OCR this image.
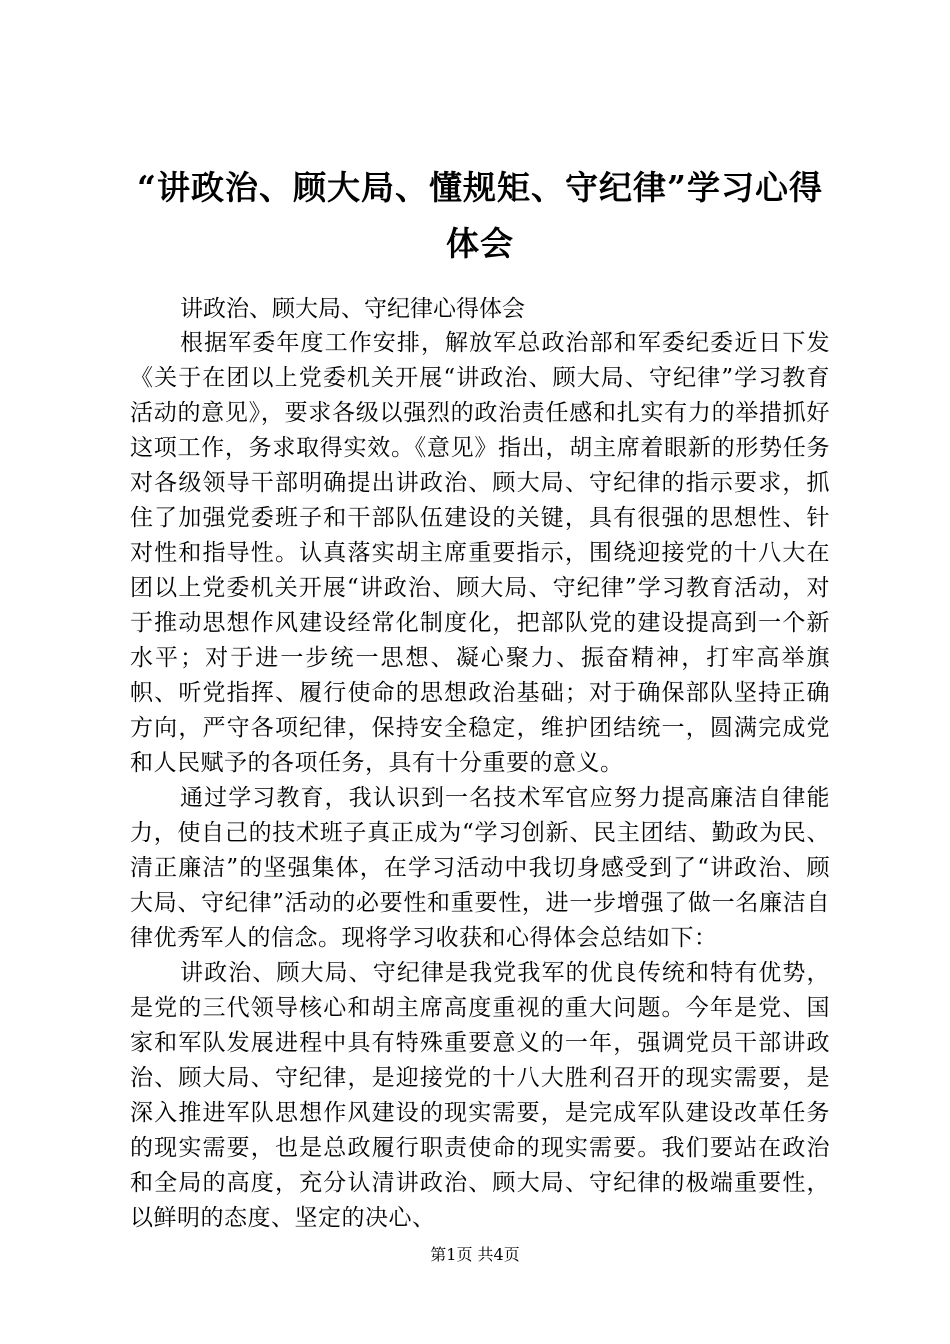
“讲政治、顾大局、懂规矩、守纪律”学习心得体会

讲政治、顾大局、守纪律心得体会

根据军委年度工作安排，解放军总政治部和军委纪委近日下发《关于在团以上党委机关开展“讲政治、顾大局、守纪律”学习教育活动的意见》，要求各级以强烈的政治责任感和扎实有力的举措抓好这项工作，务求取得实效。《意见》指出，胡主席着眼新的形势任务对各级领导干部明确提出讲政治、顾大局、守纪律的指示要求，抓住了加强党委班子和干部队伍建设的关键，具有很强的思想性、针对性和指导性。认真落实胡主席重要指示，围绕迎接党的十八大在团以上党委机关开展“讲政治、顾大局、守纪律”学习教育活动，对于推动思想作风建设经常化制度化，把部队党的建设提高到一个新水平；对于进一步统一思想、凝心聚力、振奋精神，打牢高举旗帜、听党指挥、履行使命的思想政治基础；对于确保部队坚持正确方向，严守各项纪律，保持安全稳定，维护团结统一，圆满完成党和人民赋予的各项任务，具有十分重要的意义。

通过学习教育，我认识到一名技术军官应努力提高廉洁自律能力，使自己的技术班子真正成为“学习创新、民主团结、勤政为民、清正廉洁”的坚强集体，在学习活动中我切身感受到了“讲政治、顾大局、守纪律”活动的必要性和重要性，进一步增强了做一名廉洁自律优秀军人的信念。现将学习收获和心得体会总结如下：

讲政治、顾大局、守纪律是我党我军的优良传统和特有优势，是党的三代领导核心和胡主席高度重视的重大问题。今年是党、国家和军队发展进程中具有特殊重要意义的一年，强调党员干部讲政治、顾大局、守纪律，是迎接党的十八大胜利召开的现实需要，是深入推进军队思想作风建设的现实需要，是完成军队建设改革任务的现实需要，也是总政履行职责使命的现实需要。我们要站在政治和全局的高度，充分认清讲政治、顾大局、守纪律的极端重要性，以鲜明的态度、坚定的决心、

第1页 共4页
